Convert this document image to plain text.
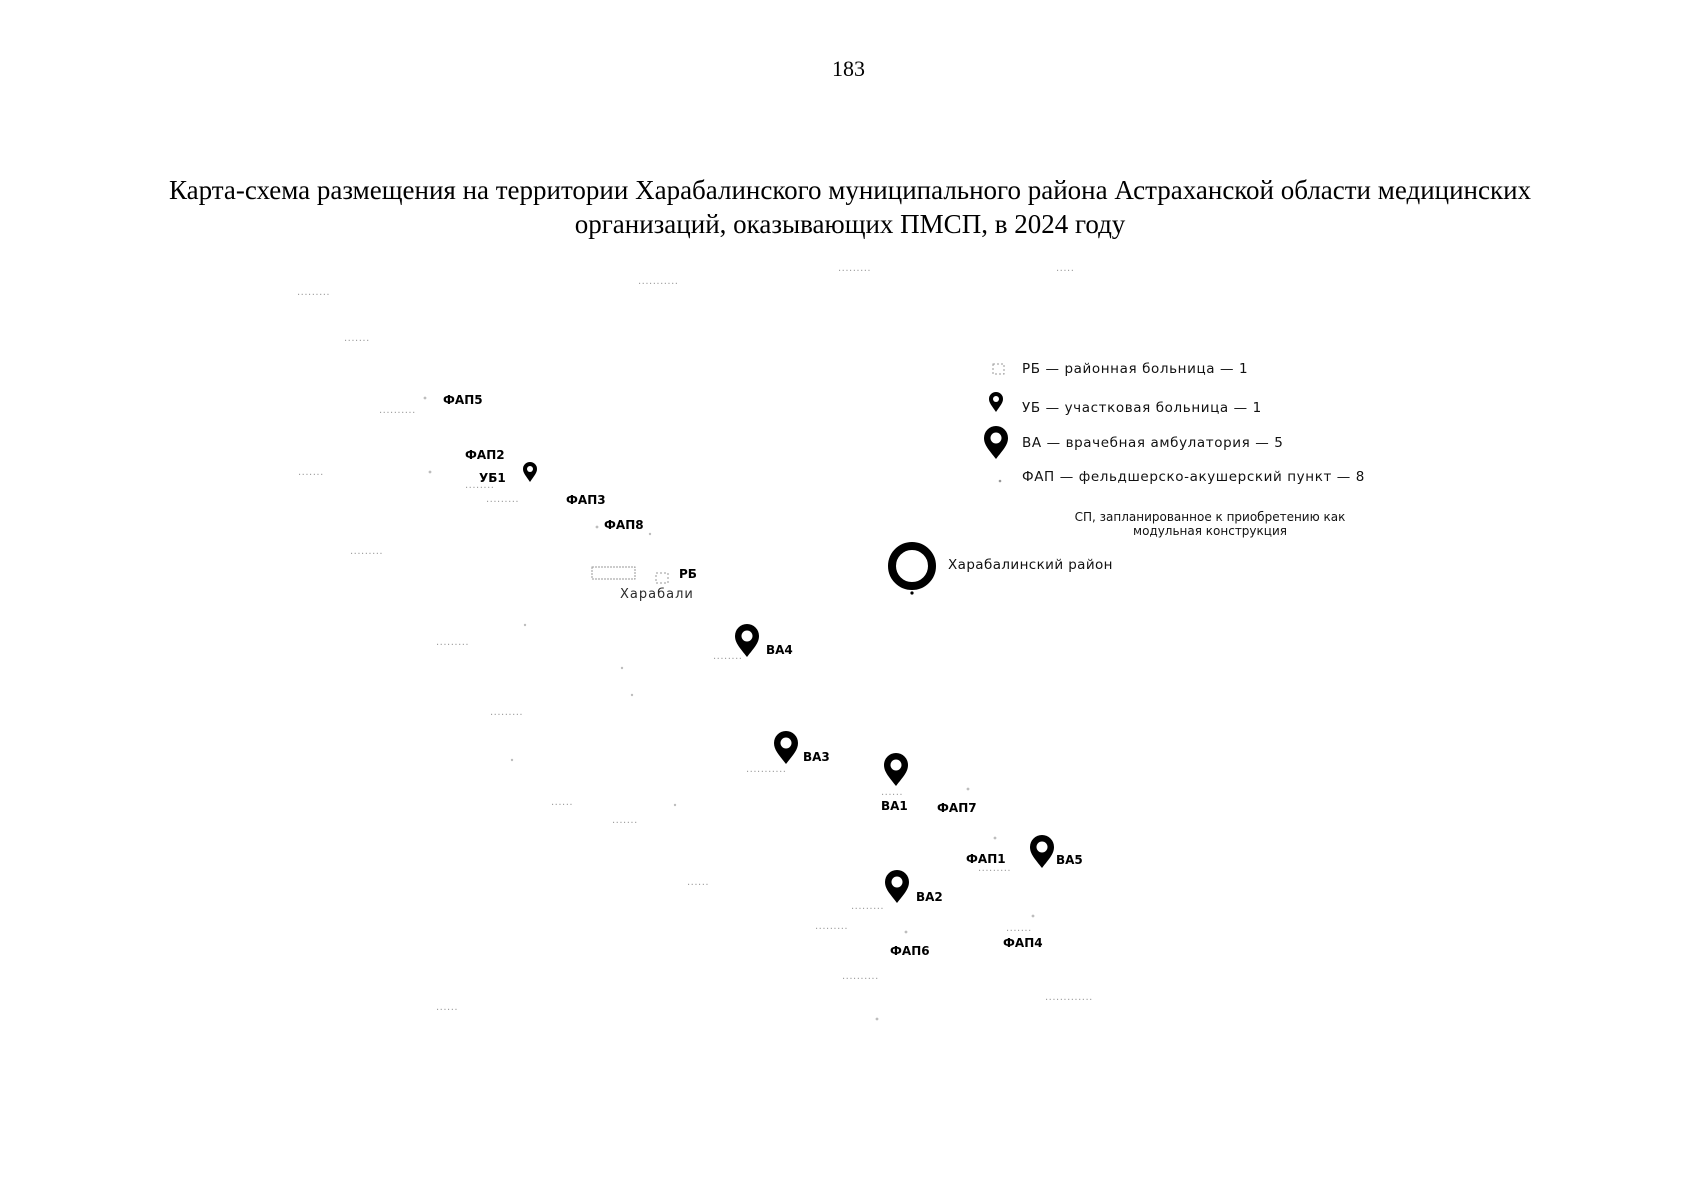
183
Карта-схема размещения на территории Харабалинского муниципального района Астраханской области медицинских организаций, оказывающих ПМСП, в 2024 году
·········
···········
·········	·····
·······
··········
·······
········
·········
·········
·········
········
·········
···········
······
······
·······
·········
······
·········
·········	·······
··········
·············
······
Харабали
ФАП5
ФАП2
УБ1
ФАП3
ФАП8
РБ
ВА4
ВА3
ВА1 ФАП7
ФАП1	ВА5
ВА2
ФАП4
ФАП6
РБ — районная больница — 1
УБ — участковая больница — 1
ВА — врачебная амбулатория — 5
ФАП — фельдшерско-акушерский пункт — 8
СП, запланированное к приобретению как модульная конструкция
Харабалинский район
